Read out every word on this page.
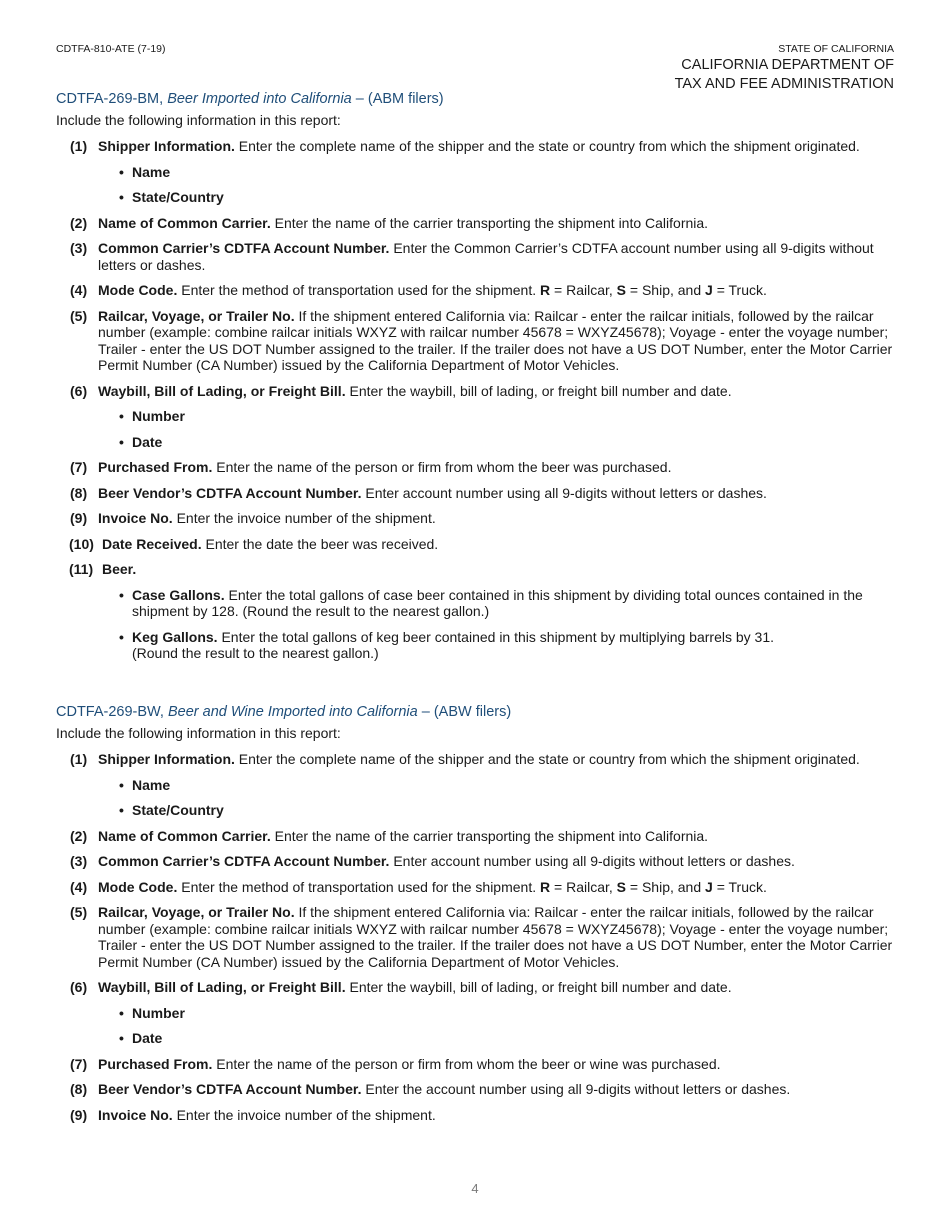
CDTFA-810-ATE (7-19)	STATE OF CALIFORNIA
CALIFORNIA DEPARTMENT OF
TAX AND FEE ADMINISTRATION
CDTFA-269-BM, Beer Imported into California – (ABM filers)
Include the following information in this report:
(1) Shipper Information. Enter the complete name of the shipper and the state or country from which the shipment originated.
• Name
• State/Country
(2) Name of Common Carrier. Enter the name of the carrier transporting the shipment into California.
(3) Common Carrier’s CDTFA Account Number. Enter the Common Carrier’s CDTFA account number using all 9-digits without letters or dashes.
(4) Mode Code. Enter the method of transportation used for the shipment. R = Railcar, S = Ship, and J = Truck.
(5) Railcar, Voyage, or Trailer No. If the shipment entered California via: Railcar - enter the railcar initials, followed by the railcar number (example: combine railcar initials WXYZ with railcar number 45678 = WXYZ45678); Voyage - enter the voyage number; Trailer - enter the US DOT Number assigned to the trailer. If the trailer does not have a US DOT Number, enter the Motor Carrier Permit Number (CA Number) issued by the California Department of Motor Vehicles.
(6) Waybill, Bill of Lading, or Freight Bill. Enter the waybill, bill of lading, or freight bill number and date.
• Number
• Date
(7) Purchased From. Enter the name of the person or firm from whom the beer was purchased.
(8) Beer Vendor’s CDTFA Account Number. Enter account number using all 9-digits without letters or dashes.
(9) Invoice No. Enter the invoice number of the shipment.
(10) Date Received. Enter the date the beer was received.
(11) Beer.
• Case Gallons. Enter the total gallons of case beer contained in this shipment by dividing total ounces contained in the shipment by 128. (Round the result to the nearest gallon.)
• Keg Gallons. Enter the total gallons of keg beer contained in this shipment by multiplying barrels by 31.
(Round the result to the nearest gallon.)
CDTFA-269-BW, Beer and Wine Imported into California – (ABW filers)
Include the following information in this report:
(1) Shipper Information. Enter the complete name of the shipper and the state or country from which the shipment originated.
• Name
• State/Country
(2) Name of Common Carrier. Enter the name of the carrier transporting the shipment into California.
(3) Common Carrier’s CDTFA Account Number. Enter account number using all 9-digits without letters or dashes.
(4) Mode Code. Enter the method of transportation used for the shipment. R = Railcar, S = Ship, and J = Truck.
(5) Railcar, Voyage, or Trailer No. If the shipment entered California via: Railcar - enter the railcar initials, followed by the railcar number (example: combine railcar initials WXYZ with railcar number 45678 = WXYZ45678); Voyage - enter the voyage number; Trailer - enter the US DOT Number assigned to the trailer. If the trailer does not have a US DOT Number, enter the Motor Carrier Permit Number (CA Number) issued by the California Department of Motor Vehicles.
(6) Waybill, Bill of Lading, or Freight Bill. Enter the waybill, bill of lading, or freight bill number and date.
• Number
• Date
(7) Purchased From. Enter the name of the person or firm from whom the beer or wine was purchased.
(8) Beer Vendor’s CDTFA Account Number. Enter the account number using all 9-digits without letters or dashes.
(9) Invoice No. Enter the invoice number of the shipment.
4
